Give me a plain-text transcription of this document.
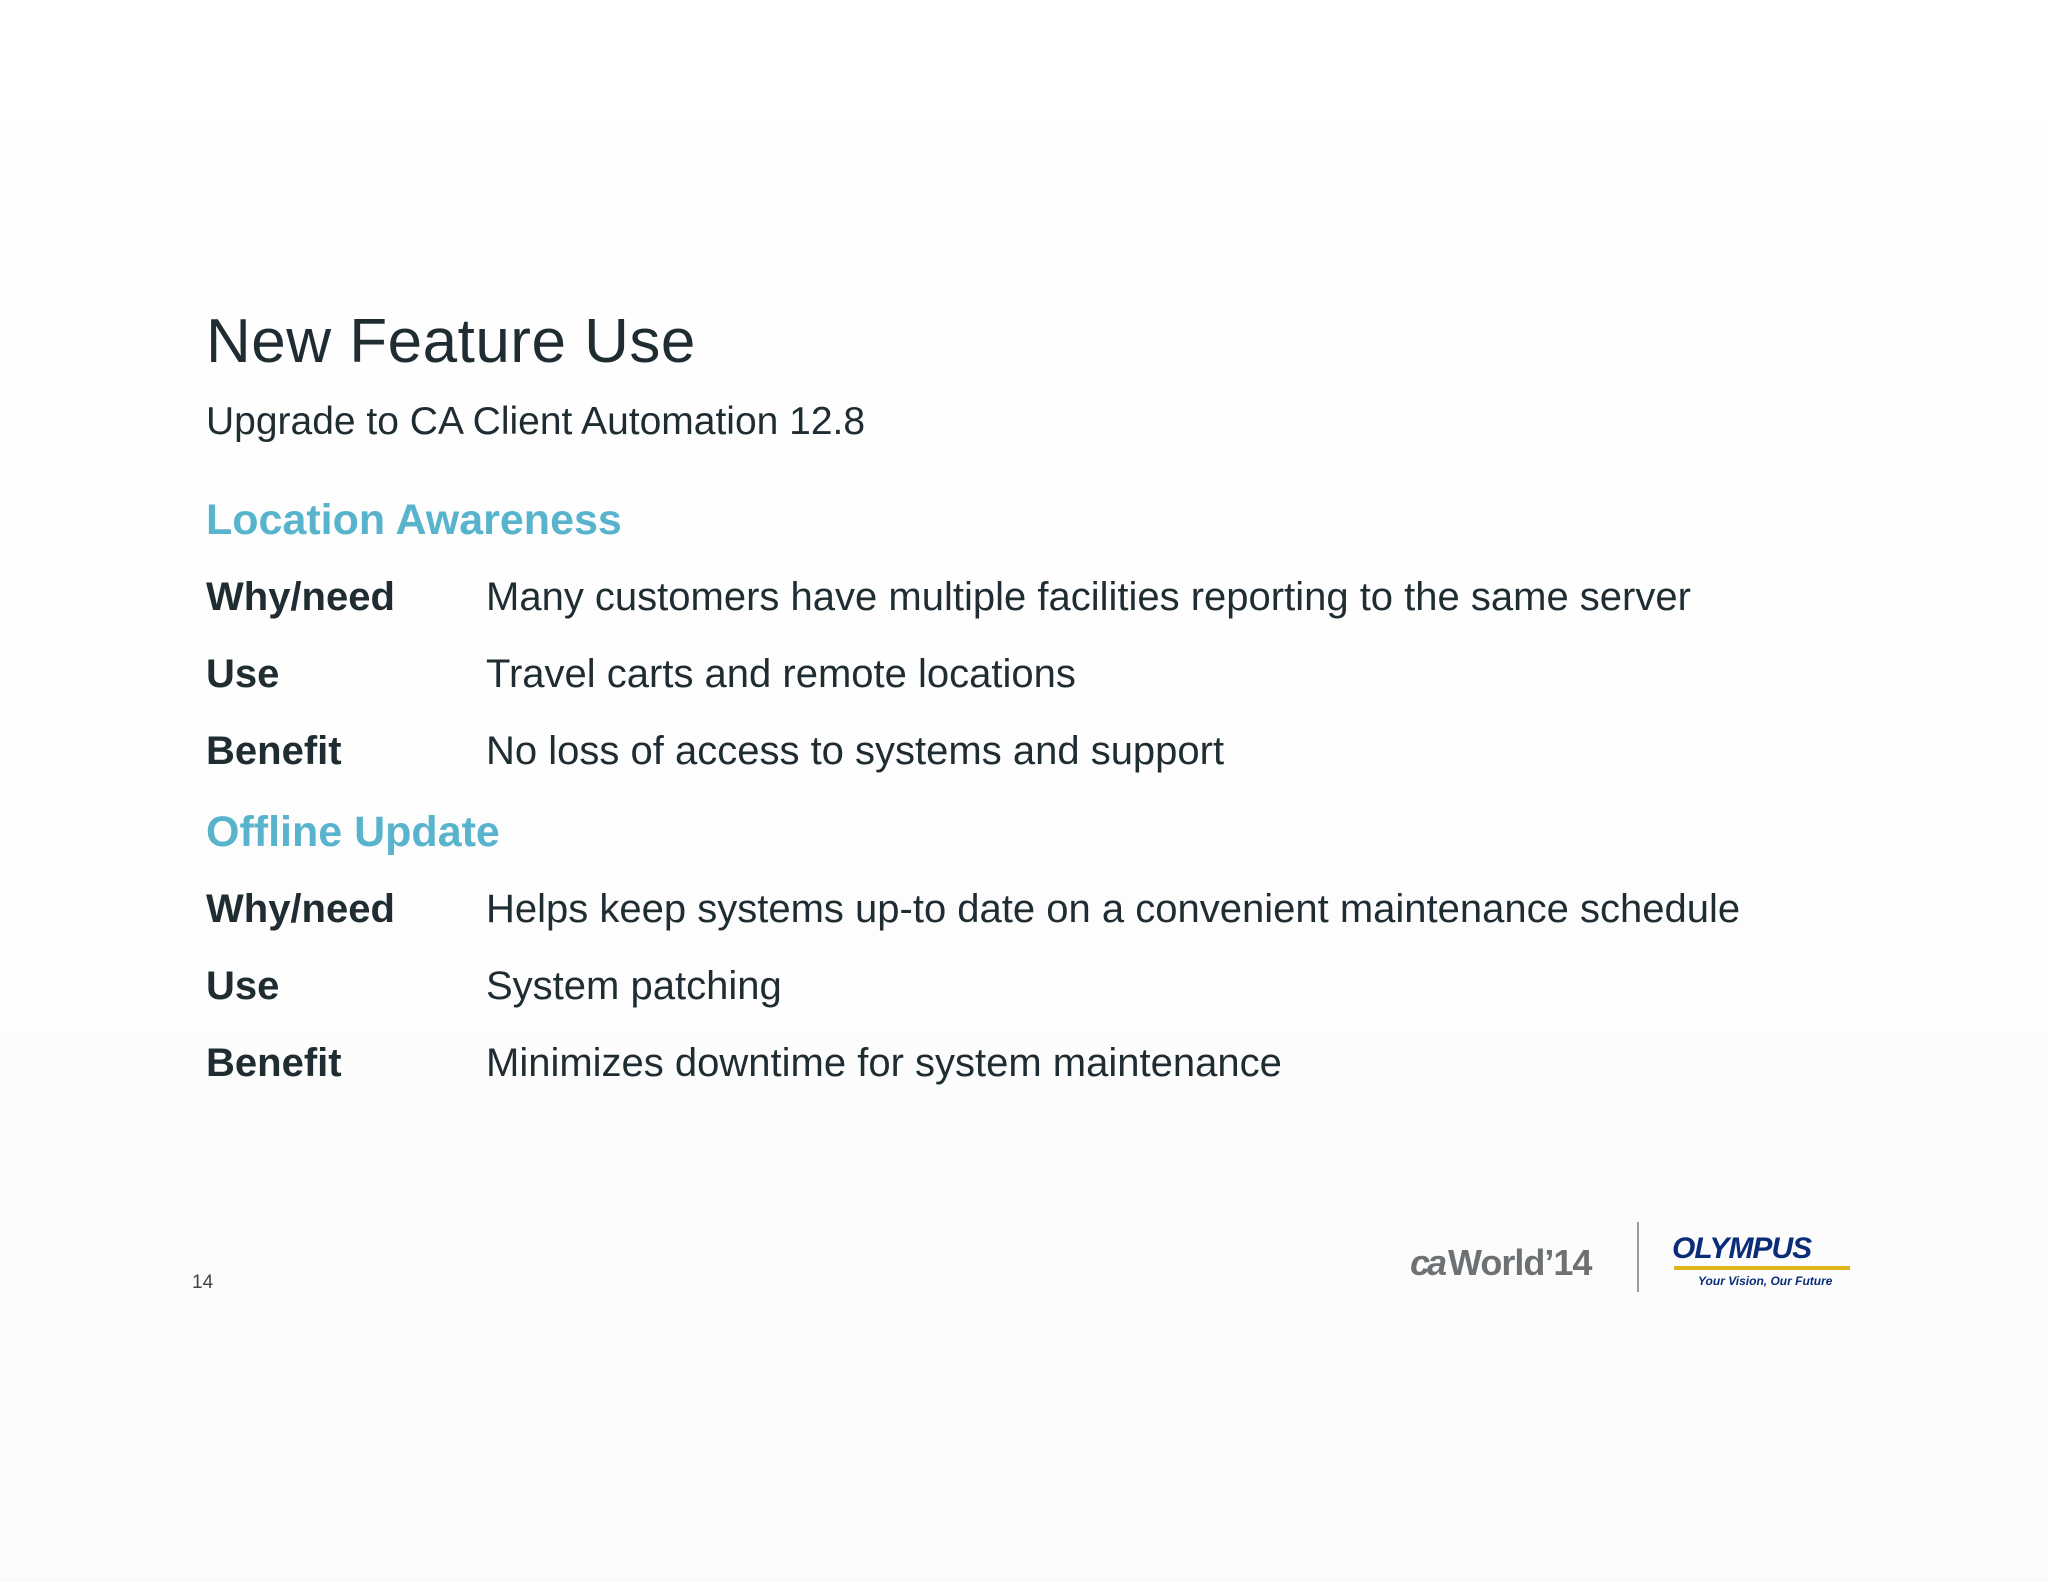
New Feature Use
Upgrade to CA Client Automation 12.8
Location Awareness
Why/need Many customers have multiple facilities reporting to the same server
Use	Travel carts and remote locations
Benefit	No loss of access to systems and support
Offline Update
Why/need Helps keep systems up-to date on a convenient maintenance schedule
Use	System patching
Benefit	Minimizes downtime for system maintenance
14	ca World’14	OLYMPUS
Your Vision, Our Future
